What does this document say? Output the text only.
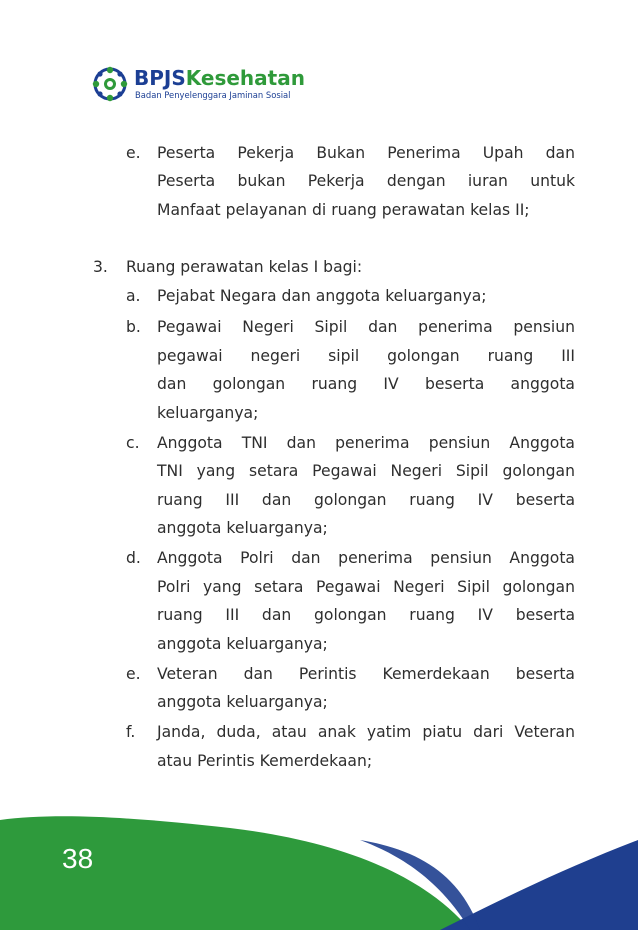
BPJSKesehatan
Badan Penyelenggara Jaminan Sosial
e. Peserta Pekerja Bukan Penerima Upah dan
Peserta bukan Pekerja dengan iuran untuk
Manfaat pelayanan di ruang perawatan kelas II;
3. Ruang perawatan kelas I bagi:
a. Pejabat Negara dan anggota keluarganya;
b. Pegawai Negeri Sipil dan penerima pensiun
pegawai negeri sipil golongan ruang III
dan golongan ruang IV beserta anggota
keluarganya;
c. Anggota TNI dan penerima pensiun Anggota
TNI yang setara Pegawai Negeri Sipil golongan
ruang III dan golongan ruang IV beserta
anggota keluarganya;
d. Anggota Polri dan penerima pensiun Anggota
Polri yang setara Pegawai Negeri Sipil golongan
ruang III dan golongan ruang IV beserta
anggota keluarganya;
e. Veteran dan Perintis Kemerdekaan beserta
anggota keluarganya;
f. Janda, duda, atau anak yatim piatu dari Veteran
atau Perintis Kemerdekaan;
38
